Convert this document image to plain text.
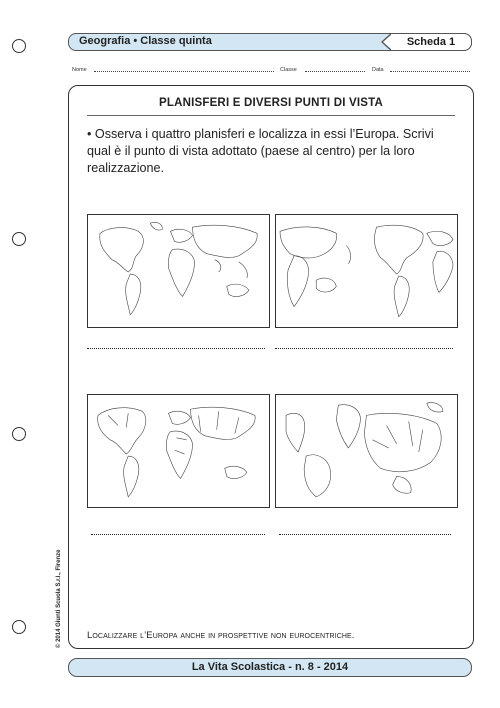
Geografia • Classe quinta	Scheda 1
Nome	Classe	Data
PLANISFERI E DIVERSI PUNTI DI VISTA
• Osserva i quattro planisferi e localizza in essi l’Europa. Scrivi qual è il punto di vista adottato (paese al centro) per la loro realizzazione.
Localizzare l’Europa anche in prospettive non eurocentriche.
© 2014 Giunti Scuola S.r.l., Firenze
La Vita Scolastica - n. 8 - 2014
